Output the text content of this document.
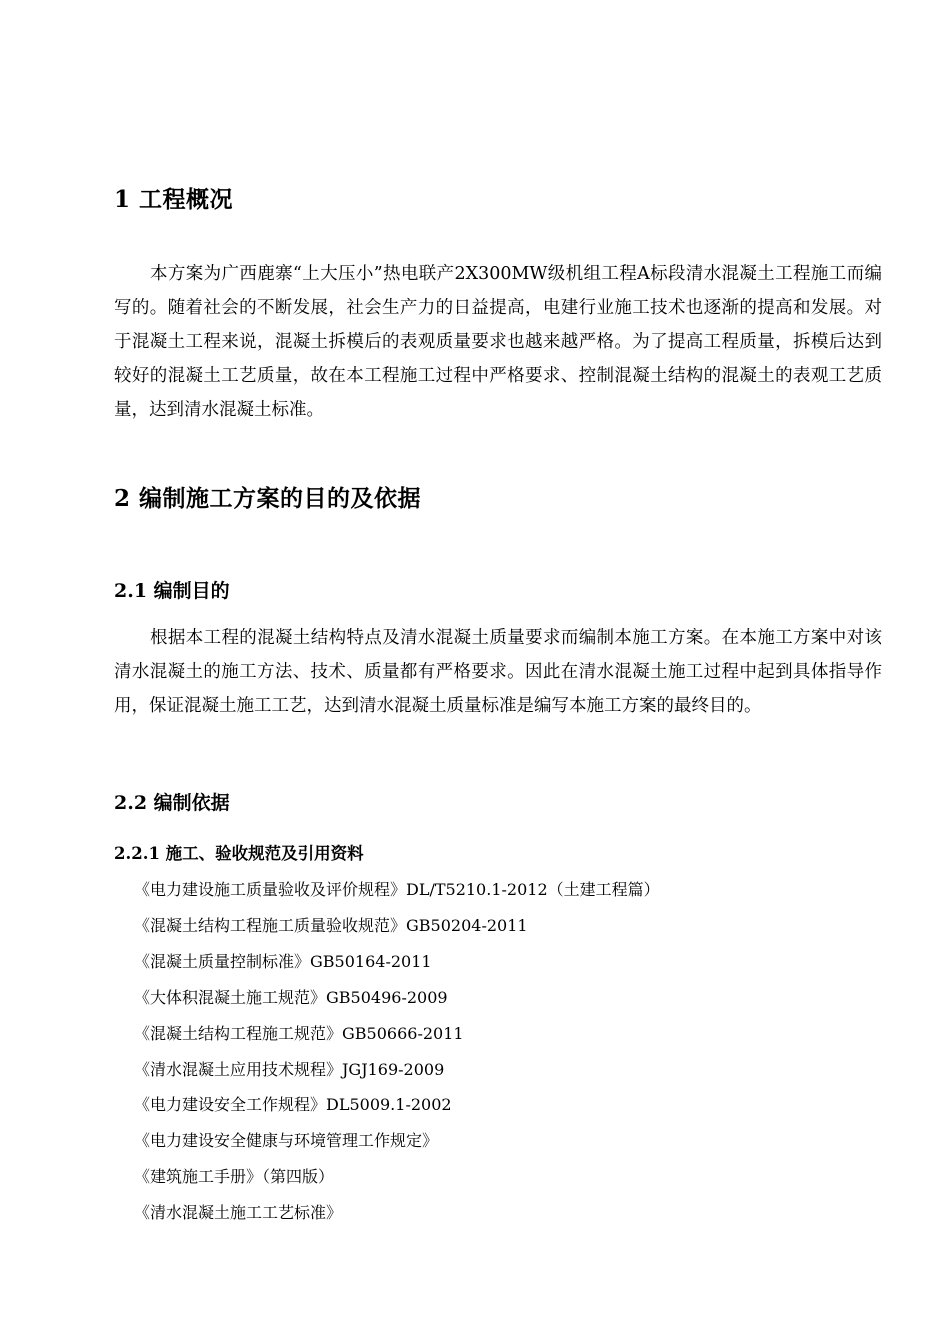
1 工程概况

本方案为广西鹿寨“上大压小”热电联产2X300MW级机组工程A标段清水混凝土工程施工而编写的。随着社会的不断发展，社会生产力的日益提高，电建行业施工技术也逐渐的提高和发展。对于混凝土工程来说，混凝土拆模后的表观质量要求也越来越严格。为了提高工程质量，拆模后达到较好的混凝土工艺质量，故在本工程施工过程中严格要求、控制混凝土结构的混凝土的表观工艺质量，达到清水混凝土标准。

2 编制施工方案的目的及依据
2.1 编制目的

根据本工程的混凝土结构特点及清水混凝土质量要求而编制本施工方案。在本施工方案中对该清水混凝土的施工方法、技术、质量都有严格要求。因此在清水混凝土施工过程中起到具体指导作用，保证混凝土施工工艺，达到清水混凝土质量标准是编写本施工方案的最终目的。

2.2 编制依据
2.2.1 施工、验收规范及引用资料
《电力建设施工质量验收及评价规程》DL/T5210.1-2012（土建工程篇）
《混凝土结构工程施工质量验收规范》GB50204-2011
《混凝土质量控制标准》GB50164-2011
《大体积混凝土施工规范》GB50496-2009
《混凝土结构工程施工规范》GB50666-2011
《清水混凝土应用技术规程》JGJ169-2009
《电力建设安全工作规程》DL5009.1-2002
《电力建设安全健康与环境管理工作规定》
《建筑施工手册》（第四版）
《清水混凝土施工工艺标准》
